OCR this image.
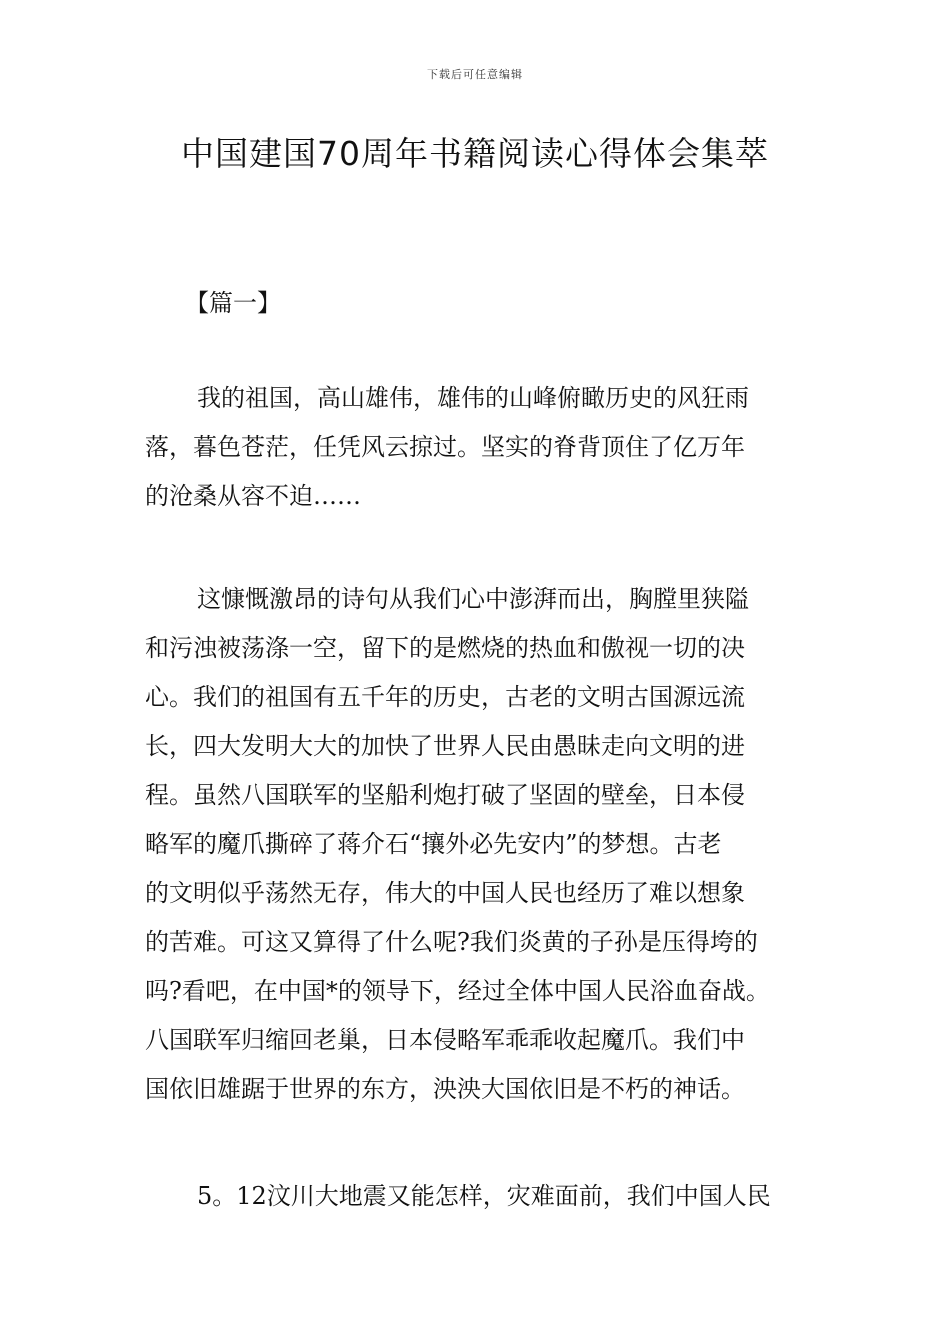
下载后可任意编辑
中国建国70周年书籍阅读心得体会集萃
【篇一】
我的祖国，高山雄伟，雄伟的山峰俯瞰历史的风狂雨
落，暮色苍茫，任凭风云掠过。坚实的脊背顶住了亿万年
的沧桑从容不迫……
这慷慨激昂的诗句从我们心中澎湃而出，胸膛里狭隘
和污浊被荡涤一空，留下的是燃烧的热血和傲视一切的决
心。我们的祖国有五千年的历史，古老的文明古国源远流
长，四大发明大大的加快了世界人民由愚昧走向文明的进
程。虽然八国联军的坚船利炮打破了坚固的壁垒，日本侵
略军的魔爪撕碎了蒋介石“攘外必先安内”的梦想。古老
的文明似乎荡然无存，伟大的中国人民也经历了难以想象
的苦难。可这又算得了什么呢?我们炎黄的子孙是压得垮的
吗?看吧，在中国*的领导下，经过全体中国人民浴血奋战。
八国联军归缩回老巢，日本侵略军乖乖收起魔爪。我们中
国依旧雄踞于世界的东方，泱泱大国依旧是不朽的神话。
5。12汶川大地震又能怎样，灾难面前，我们中国人民
